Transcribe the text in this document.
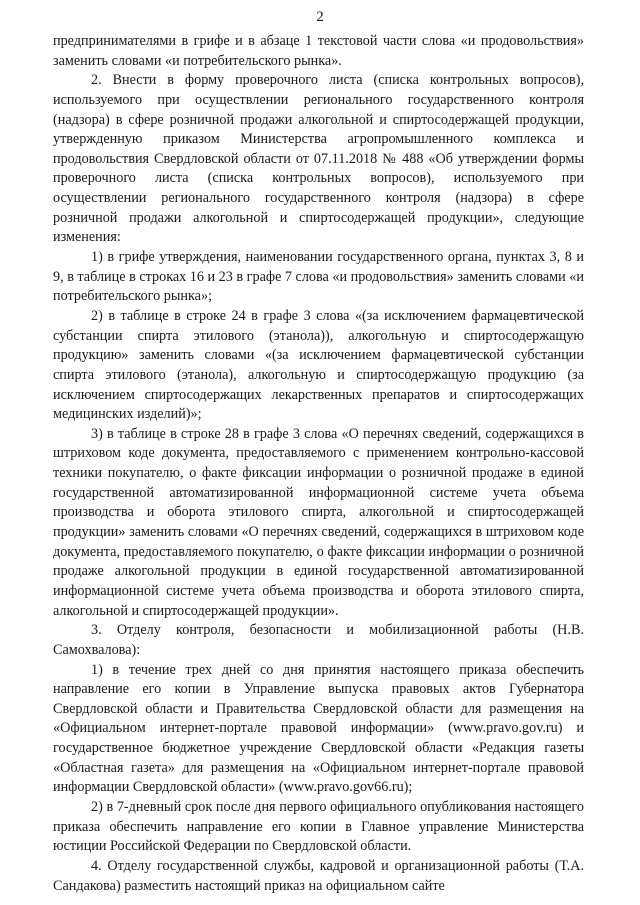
2

предпринимателями в грифе и в абзаце 1 текстовой части слова «и продовольствия» заменить словами «и потребительского рынка».

2. Внести в форму проверочного листа (списка контрольных вопросов), используемого при осуществлении регионального государственного контроля (надзора) в сфере розничной продажи алкогольной и спиртосодержащей продукции, утвержденную приказом Министерства агропромышленного комплекса и продовольствия Свердловской области от 07.11.2018 № 488 «Об утверждении формы проверочного листа (списка контрольных вопросов), используемого при осуществлении регионального государственного контроля (надзора) в сфере розничной продажи алкогольной и спиртосодержащей продукции», следующие изменения:

1) в грифе утверждения, наименовании государственного органа, пунктах 3, 8 и 9, в таблице в строках 16 и 23 в графе 7 слова «и продовольствия» заменить словами «и потребительского рынка»;

2) в таблице в строке 24 в графе 3 слова «(за исключением фармацевтической субстанции спирта этилового (этанола)), алкогольную и спиртосодержащую продукцию» заменить словами «(за исключением фармацевтической субстанции спирта этилового (этанола), алкогольную и спиртосодержащую продукцию (за исключением спиртосодержащих лекарственных препаратов и спиртосодержащих медицинских изделий)»;

3) в таблице в строке 28 в графе 3 слова «О перечнях сведений, содержащихся в штриховом коде документа, предоставляемого с применением контрольно-кассовой техники покупателю, о факте фиксации информации о розничной продаже в единой государственной автоматизированной информационной системе учета объема производства и оборота этилового спирта, алкогольной и спиртосодержащей продукции» заменить словами «О перечнях сведений, содержащихся в штриховом коде документа, предоставляемого покупателю, о факте фиксации информации о розничной продаже алкогольной продукции в единой государственной автоматизированной информационной системе учета объема производства и оборота этилового спирта, алкогольной и спиртосодержащей продукции».

3. Отделу контроля, безопасности и мобилизационной работы (Н.В. Самохвалова):

1) в течение трех дней со дня принятия настоящего приказа обеспечить направление его копии в Управление выпуска правовых актов Губернатора Свердловской области и Правительства Свердловской области для размещения на «Официальном интернет-портале правовой информации» (www.pravo.gov.ru) и государственное бюджетное учреждение Свердловской области «Редакция газеты «Областная газета» для размещения на «Официальном интернет-портале правовой информации Свердловской области» (www.pravo.gov66.ru);

2) в 7-дневный срок после дня первого официального опубликования настоящего приказа обеспечить направление его копии в Главное управление Министерства юстиции Российской Федерации по Свердловской области.

4. Отделу государственной службы, кадровой и организационной работы (Т.А. Сандакова) разместить настоящий приказ на официальном сайте
